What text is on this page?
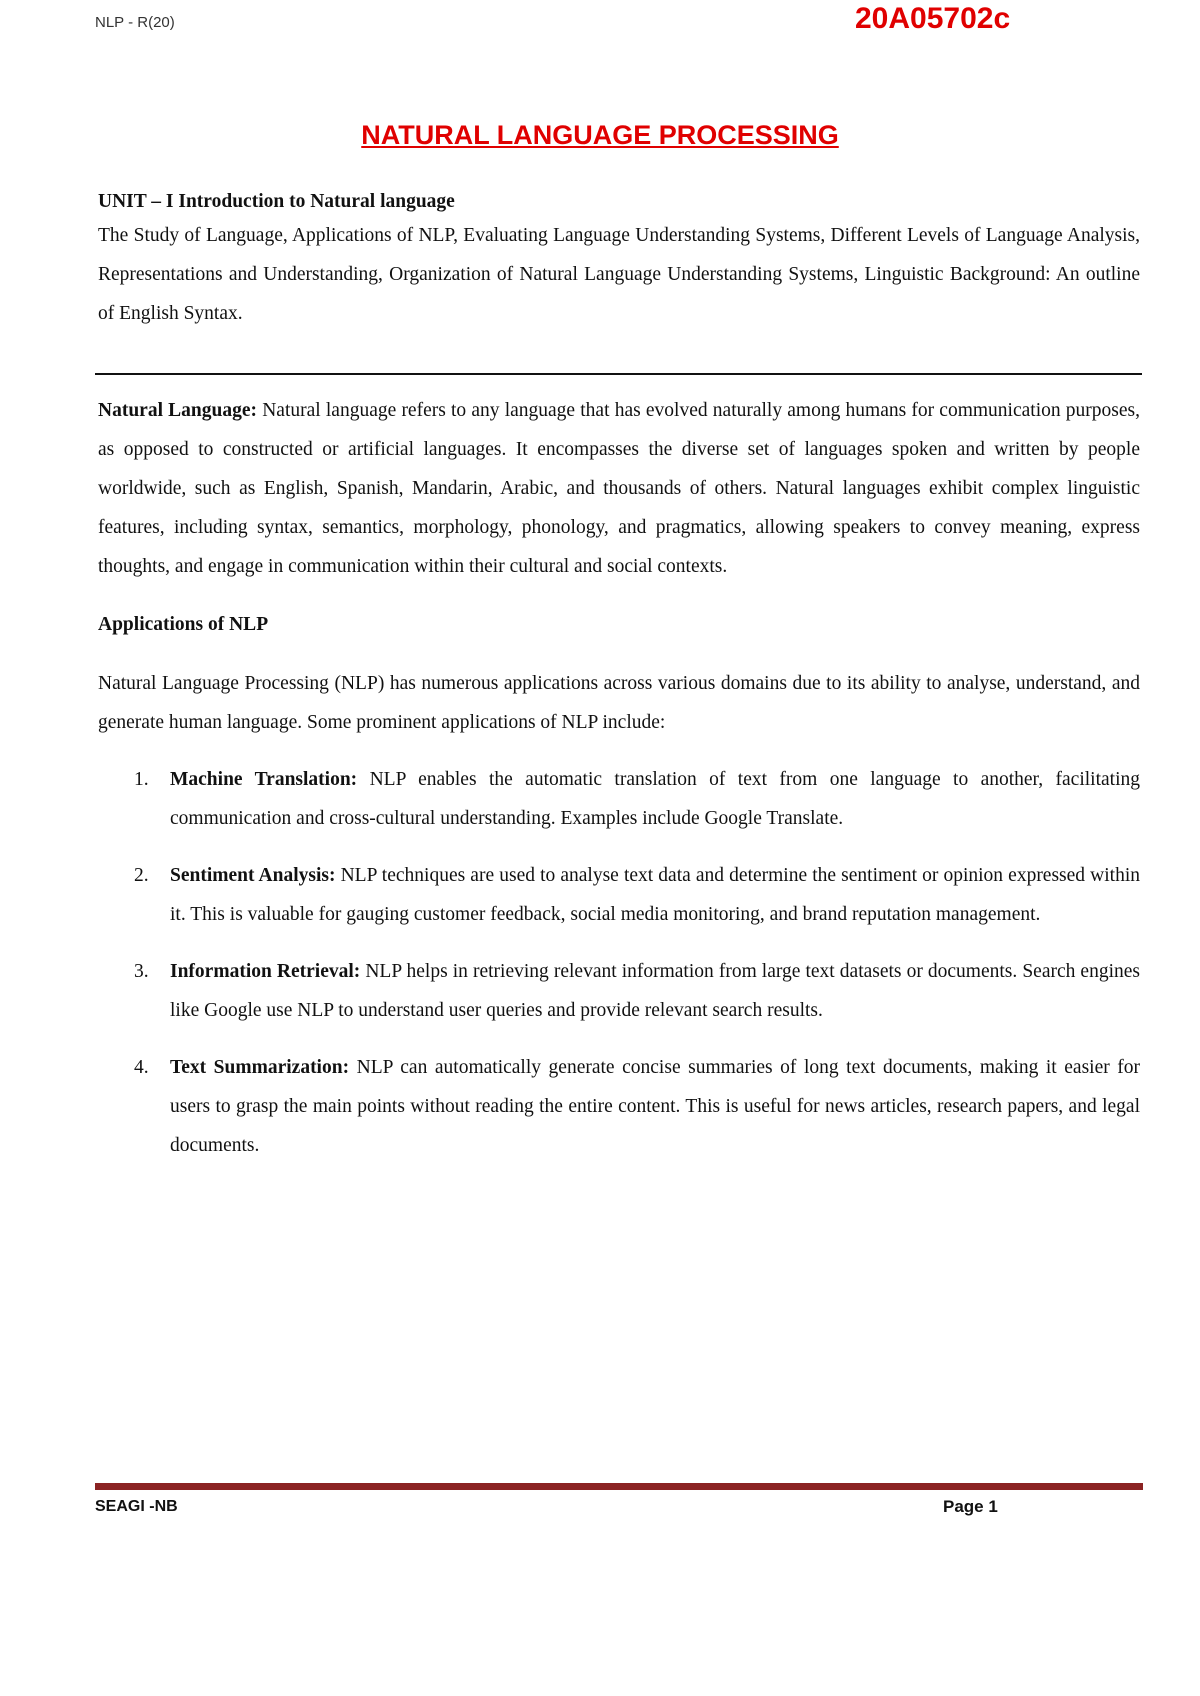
NLP - R(20)	20A05702c
NATURAL LANGUAGE PROCESSING
UNIT – I Introduction to Natural language

The Study of Language, Applications of NLP, Evaluating Language Understanding Systems, Different Levels of Language Analysis, Representations and Understanding, Organization of Natural Language Understanding Systems, Linguistic Background: An outline of English Syntax.

Natural Language: Natural language refers to any language that has evolved naturally among humans for communication purposes, as opposed to constructed or artificial languages. It encompasses the diverse set of languages spoken and written by people worldwide, such as English, Spanish, Mandarin, Arabic, and thousands of others. Natural languages exhibit complex linguistic features, including syntax, semantics, morphology, phonology, and pragmatics, allowing speakers to convey meaning, express thoughts, and engage in communication within their cultural and social contexts.

Applications of NLP

Natural Language Processing (NLP) has numerous applications across various domains due to its ability to analyse, understand, and generate human language. Some prominent applications of NLP include:

1. Machine Translation: NLP enables the automatic translation of text from one language to another, facilitating communication and cross-cultural understanding. Examples include Google Translate.
2. Sentiment Analysis: NLP techniques are used to analyse text data and determine the sentiment or opinion expressed within it. This is valuable for gauging customer feedback, social media monitoring, and brand reputation management.
3. Information Retrieval: NLP helps in retrieving relevant information from large text datasets or documents. Search engines like Google use NLP to understand user queries and provide relevant search results.
4. Text Summarization: NLP can automatically generate concise summaries of long text documents, making it easier for users to grasp the main points without reading the entire content. This is useful for news articles, research papers, and legal documents.
SEAGI -NB	Page 1
